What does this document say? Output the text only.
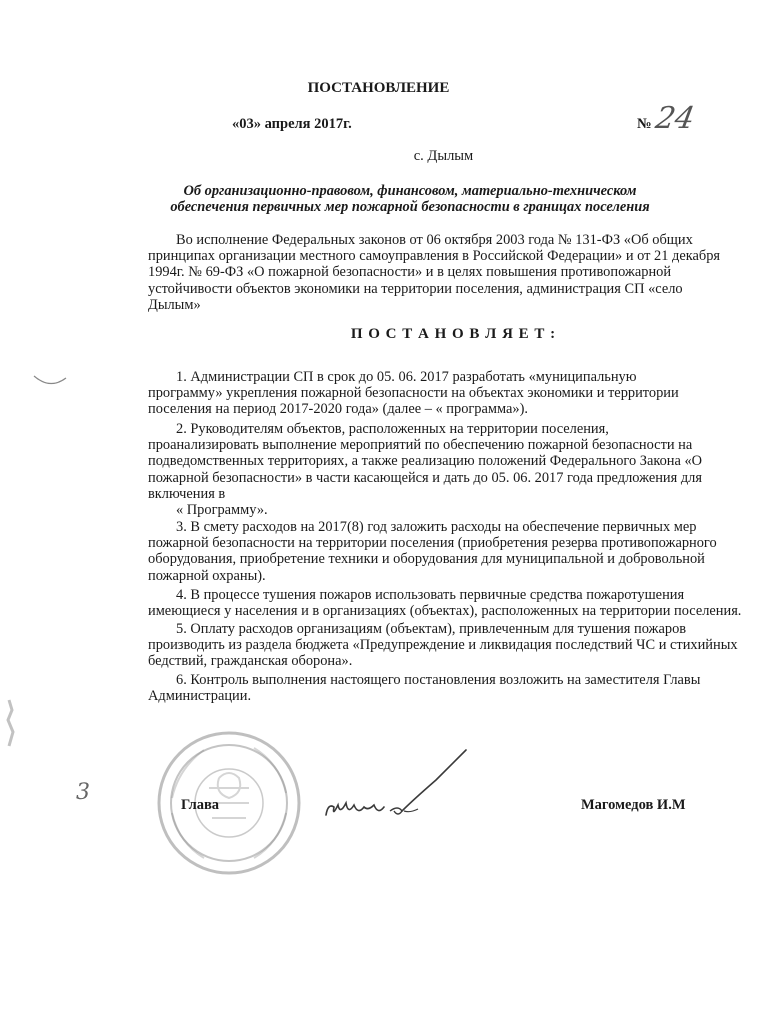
ПОСТАНОВЛЕНИЕ
«03» апреля 2017г.	№ 24
с. Дылым
Об организационно-правовом, финансовом, материально-техническом
обеспечения первичных мер пожарной безопасности в границах поселения
Во исполнение Федеральных законов от 06 октября 2003 года № 131-ФЗ «Об общих
принципах организации местного самоуправления в Российской Федерации» и от 21 декабря
1994г. № 69-ФЗ «О пожарной безопасности» и в целях повышения противопожарной
устойчивости объектов экономики на территории поселения, администрация СП «село
Дылым»
П О С Т А Н О В Л Я Е Т :
1. Администрации СП в срок до 05. 06. 2017 разработать «муниципальную
программу» укрепления пожарной безопасности на объектах экономики и территории
поселения на период 2017-2020 года» (далее – « программа»).
2. Руководителям объектов, расположенных на территории поселения,
проанализировать выполнение мероприятий по обеспечению пожарной безопасности на
подведомственных территориях, а также реализацию положений Федерального Закона «О
пожарной безопасности» в части касающейся и дать до 05. 06. 2017 года предложения для
включения в
« Программу».
3. В смету расходов на 2017(8) год заложить расходы на обеспечение первичных мер
пожарной безопасности на территории поселения (приобретения резерва противопожарного
оборудования, приобретение техники и оборудования для муниципальной и добровольной
пожарной охраны).
4. В процессе тушения пожаров использовать первичные средства пожаротушения
имеющиеся у населения и в организациях (объектах), расположенных на территории поселения.
5. Оплату расходов организациям (объектам), привлеченным для тушения пожаров
производить из раздела бюджета «Предупреждение и ликвидация последствий ЧС и стихийных
бедствий, гражданская оборона».
6. Контроль выполнения настоящего постановления возложить на заместителя Главы
Администрации.
Глава	Магомедов И.М
3
